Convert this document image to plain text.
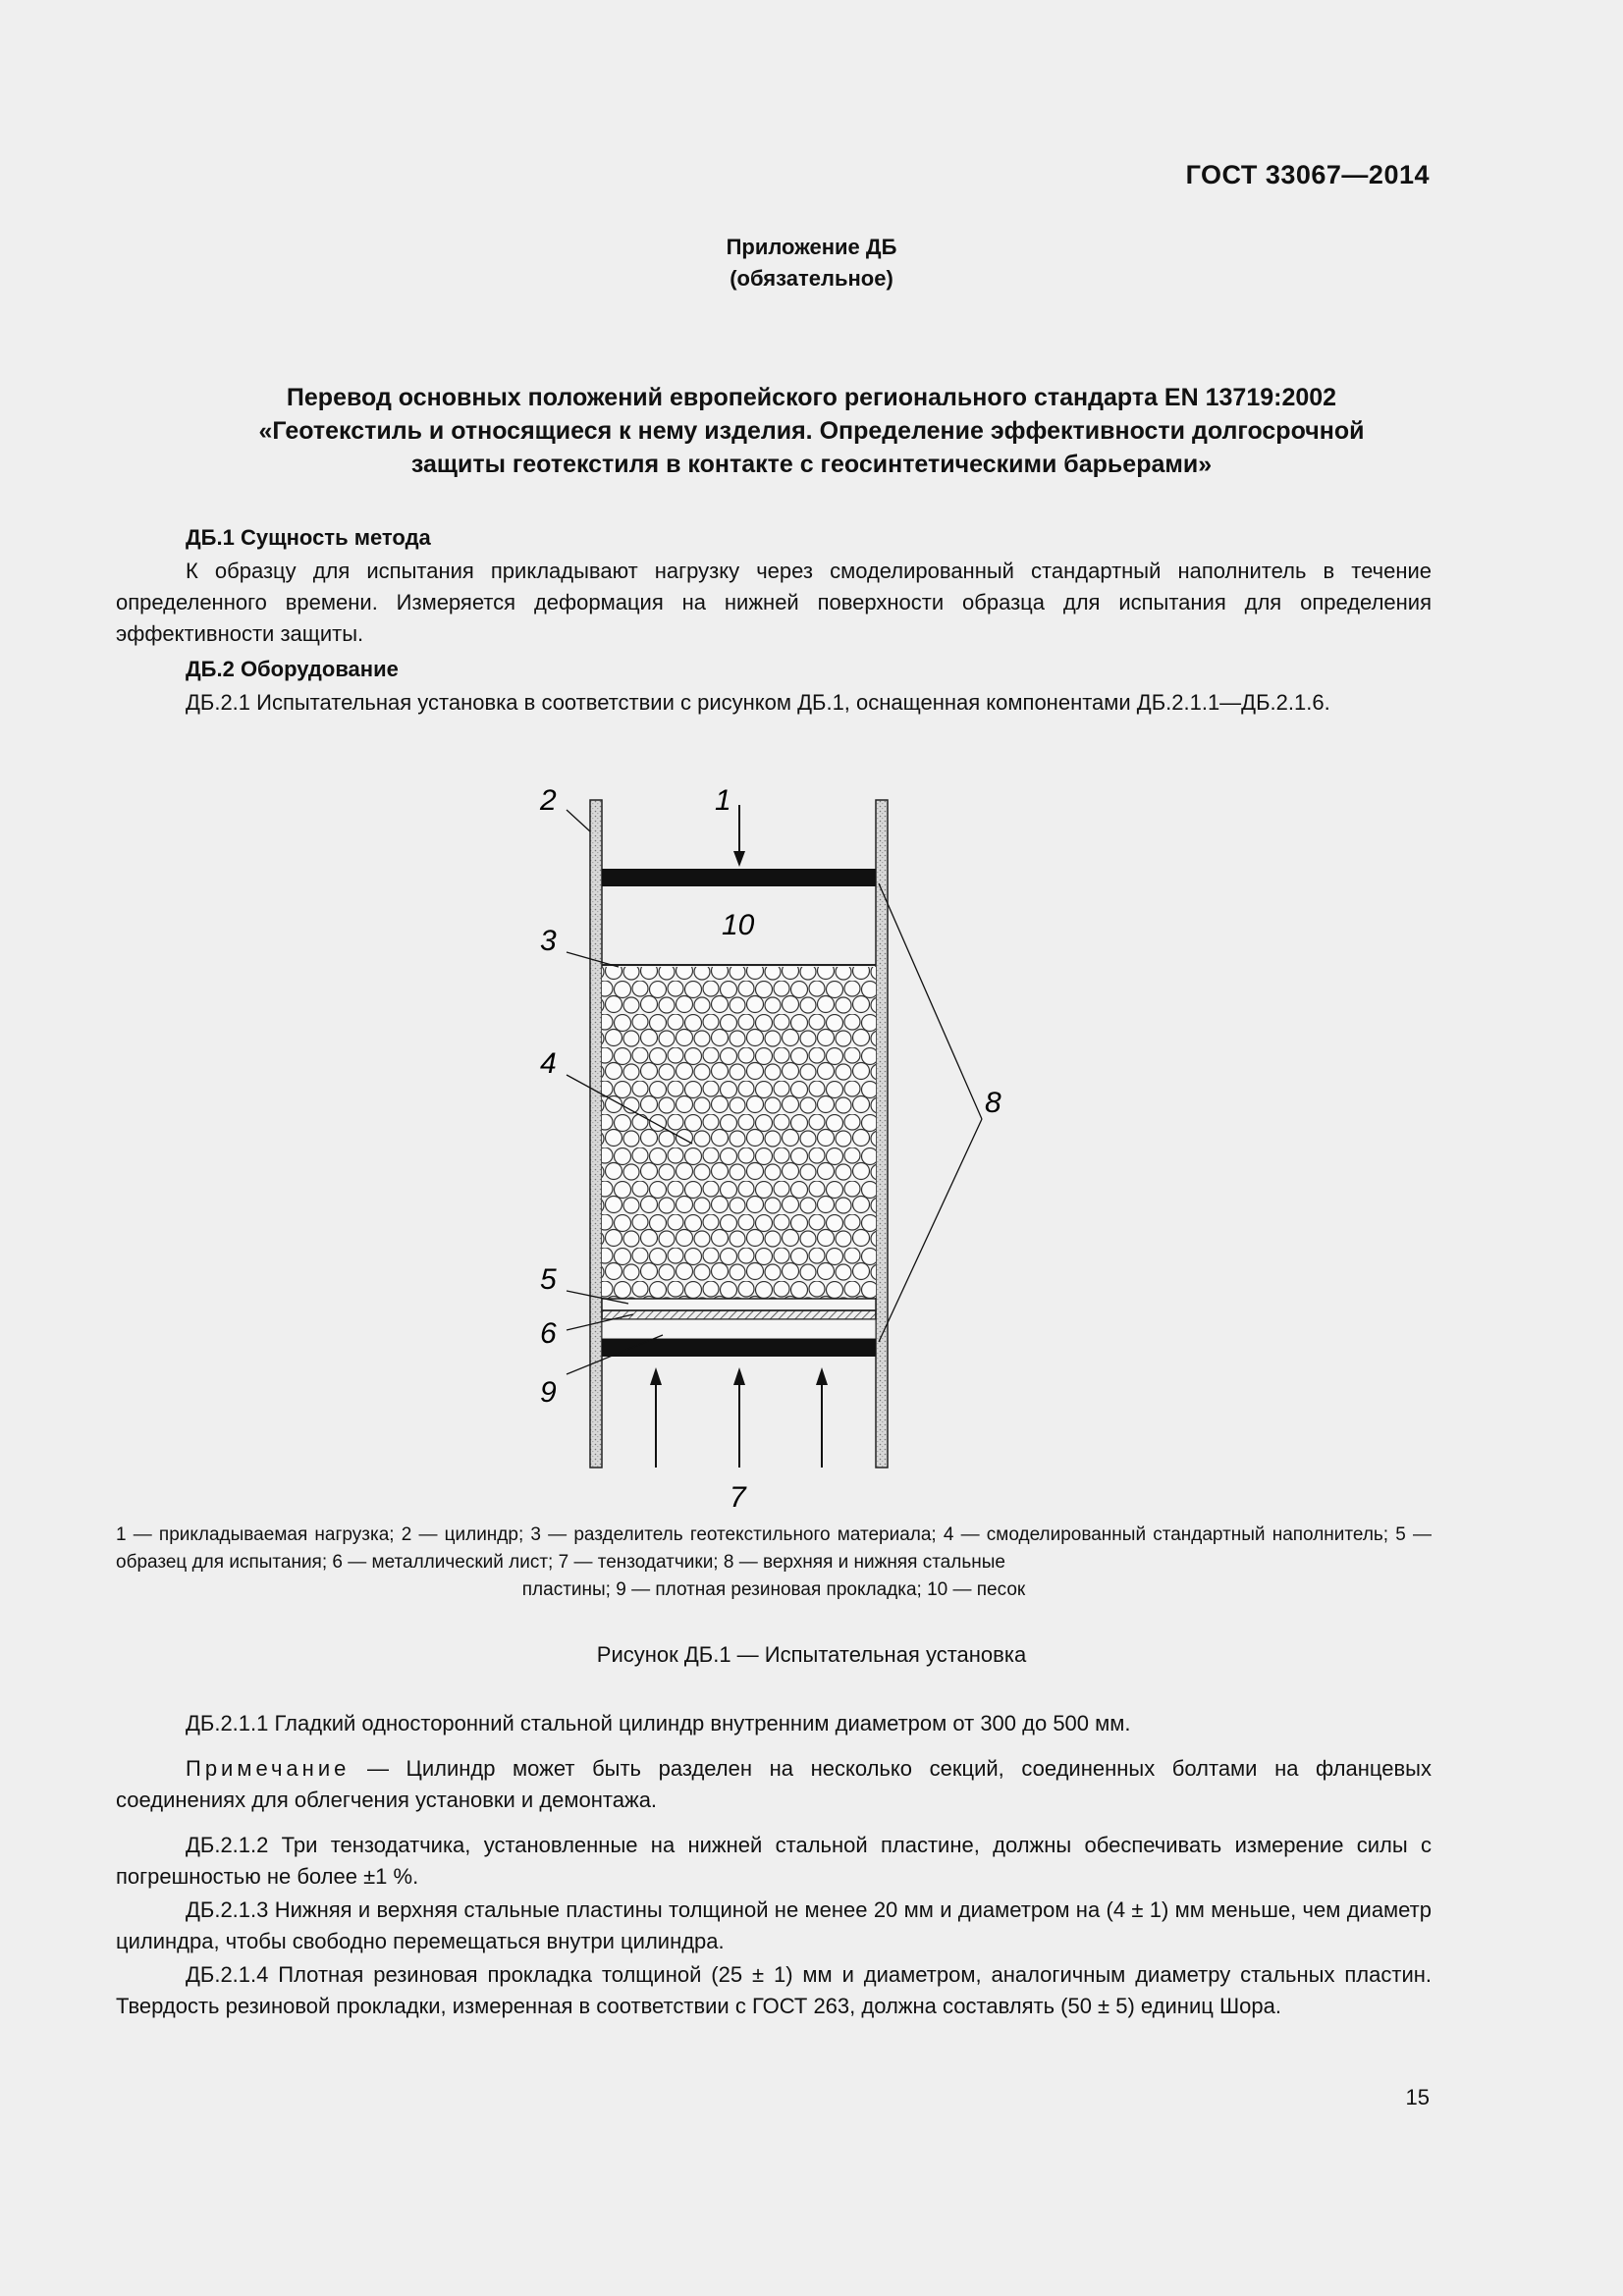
ГОСТ 33067—2014
Приложение ДБ
(обязательное)
Перевод основных положений европейского регионального стандарта EN 13719:2002
«Геотекстиль и относящиеся к нему изделия. Определение эффективности долгосрочной
защиты геотекстиля в контакте с геосинтетическими барьерами»
ДБ.1 Сущность метода
К образцу для испытания прикладывают нагрузку через смоделированный стандартный наполнитель в течение определенного времени. Измеряется деформация на нижней поверхности образца для испытания для определения эффективности защиты.
ДБ.2 Оборудование
ДБ.2.1 Испытательная установка в соответствии с рисунком ДБ.1, оснащенная компонентами ДБ.2.1.1—ДБ.2.1.6.
2	1
10
3
4
8
5
6
9
7
1 — прикладываемая нагрузка; 2 — цилиндр; 3 — разделитель геотекстильного материала; 4 — смоделированный стандартный наполнитель; 5 — образец для испытания; 6 — металлический лист; 7 — тензодатчики; 8 — верхняя и нижняя стальные
пластины; 9 — плотная резиновая прокладка; 10 — песок
Рисунок ДБ.1 — Испытательная установка
ДБ.2.1.1 Гладкий односторонний стальной цилиндр внутренним диаметром от 300 до 500 мм.
Примечание — Цилиндр может быть разделен на несколько секций, соединенных болтами на фланцевых соединениях для облегчения установки и демонтажа.
ДБ.2.1.2 Три тензодатчика, установленные на нижней стальной пластине, должны обеспечивать измерение силы с погрешностью не более ±1 %.
ДБ.2.1.3 Нижняя и верхняя стальные пластины толщиной не менее 20 мм и диаметром на (4 ± 1) мм меньше, чем диаметр цилиндра, чтобы свободно перемещаться внутри цилиндра.
ДБ.2.1.4 Плотная резиновая прокладка толщиной (25 ± 1) мм и диаметром, аналогичным диаметру стальных пластин. Твердость резиновой прокладки, измеренная в соответствии с ГОСТ 263, должна составлять (50 ± 5) единиц Шора.
15
